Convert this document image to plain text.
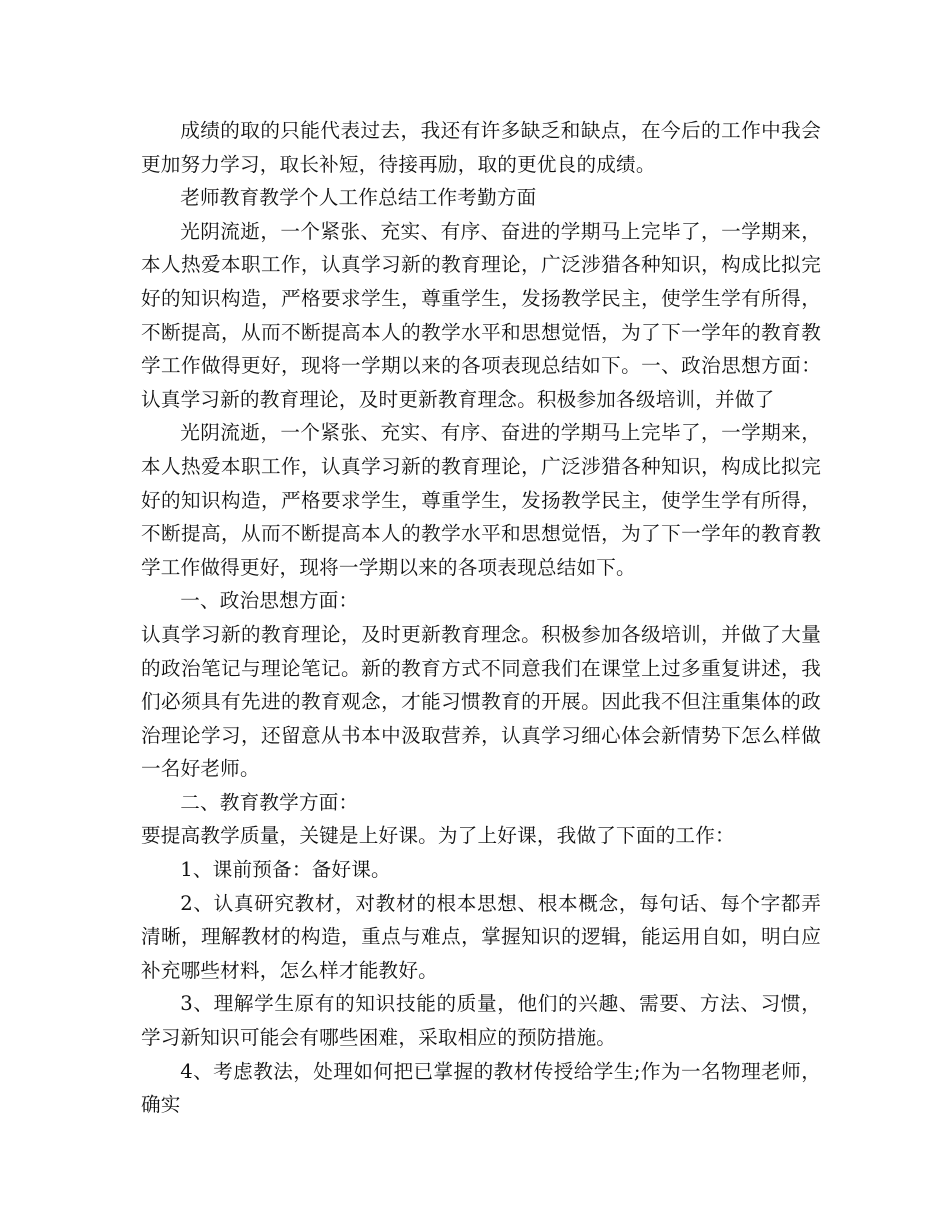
成绩的取的只能代表过去，我还有许多缺乏和缺点，在今后的工作中我会更加努力学习，取长补短，待接再励，取的更优良的成绩。

老师教育教学个人工作总结工作考勤方面

光阴流逝，一个紧张、充实、有序、奋进的学期马上完毕了，一学期来，本人热爱本职工作，认真学习新的教育理论，广泛涉猎各种知识，构成比拟完好的知识构造，严格要求学生，尊重学生，发扬教学民主，使学生学有所得，不断提高，从而不断提高本人的教学水平和思想觉悟，为了下一学年的教育教学工作做得更好，现将一学期以来的各项表现总结如下。一、政治思想方面：认真学习新的教育理论，及时更新教育理念。积极参加各级培训，并做了

光阴流逝，一个紧张、充实、有序、奋进的学期马上完毕了，一学期来，本人热爱本职工作，认真学习新的教育理论，广泛涉猎各种知识，构成比拟完好的知识构造，严格要求学生，尊重学生，发扬教学民主，使学生学有所得，不断提高，从而不断提高本人的教学水平和思想觉悟，为了下一学年的教育教学工作做得更好，现将一学期以来的各项表现总结如下。

一、政治思想方面：

认真学习新的教育理论，及时更新教育理念。积极参加各级培训，并做了大量的政治笔记与理论笔记。新的教育方式不同意我们在课堂上过多重复讲述，我们必须具有先进的教育观念，才能习惯教育的开展。因此我不但注重集体的政治理论学习，还留意从书本中汲取营养，认真学习细心体会新情势下怎么样做一名好老师。

二、教育教学方面：

要提高教学质量，关键是上好课。为了上好课，我做了下面的工作：

1、课前预备：备好课。

2、认真研究教材，对教材的根本思想、根本概念，每句话、每个字都弄清晰，理解教材的构造，重点与难点，掌握知识的逻辑，能运用自如，明白应补充哪些材料，怎么样才能教好。

3、理解学生原有的知识技能的质量，他们的兴趣、需要、方法、习惯，学习新知识可能会有哪些困难，采取相应的预防措施。

4、考虑教法，处理如何把已掌握的教材传授给学生;作为一名物理老师，确实
